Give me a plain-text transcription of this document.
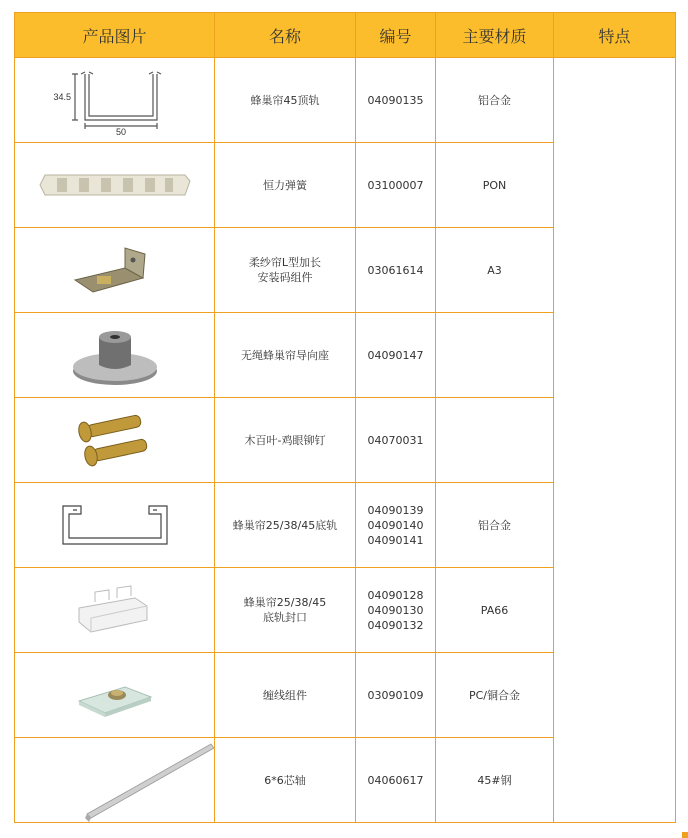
产品图片	名称	编号	主要材质	特点

34.5
50	蜂巢帘45顶轨	04090135	铝合金	

恒力弹簧	03100007	PON	

柔纱帘L型加长
安装码组件	03061614	A3	

无绳蜂巢帘导向座	04090147		

木百叶-鸡眼铆钉	04070031		

蜂巢帘25/38/45底轨	04090139
04090140
04090141	铝合金	

蜂巢帘25/38/45
底轨封口	04090128
04090130
04090132	PA66	

缠线组件	03090109	PC/铜合金	

6*6芯轴	04060617	45#钢	
